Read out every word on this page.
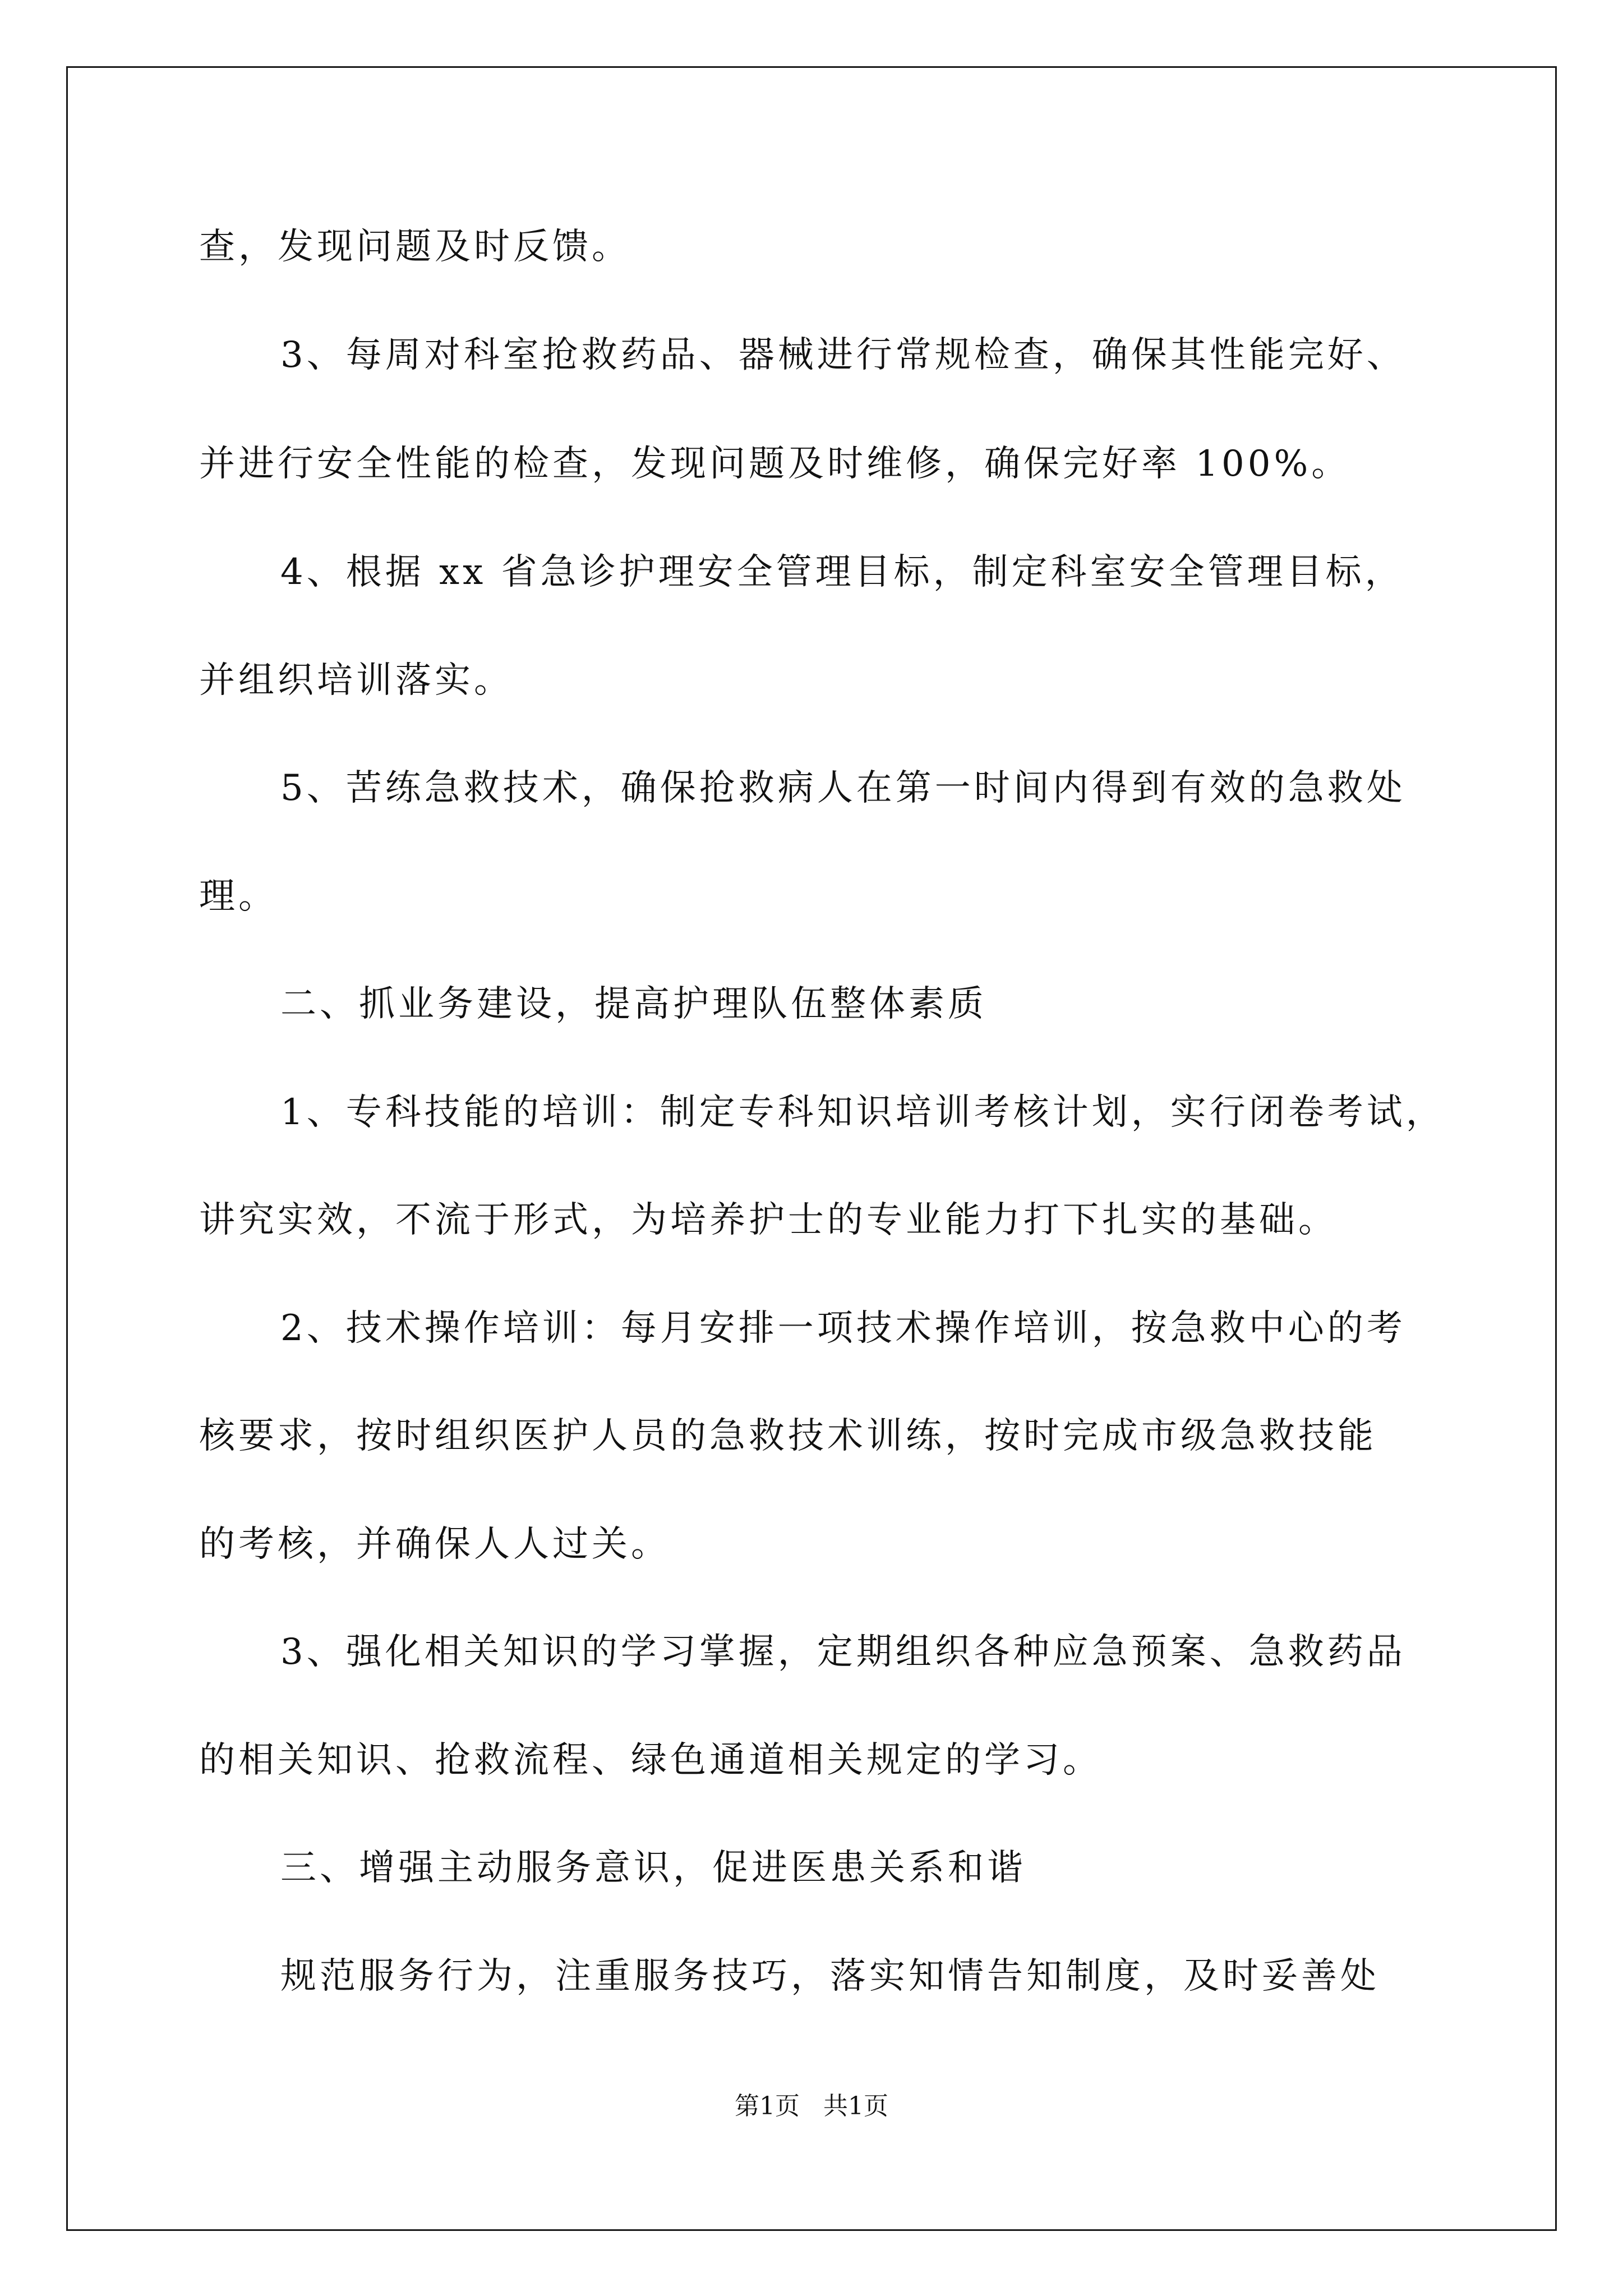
查，发现问题及时反馈。
3、每周对科室抢救药品、器械进行常规检查，确保其性能完好、
并进行安全性能的检查，发现问题及时维修，确保完好率 100%。
4、根据 xx 省急诊护理安全管理目标，制定科室安全管理目标，
并组织培训落实。
5、苦练急救技术，确保抢救病人在第一时间内得到有效的急救处
理。
二、抓业务建设，提高护理队伍整体素质
1、专科技能的培训：制定专科知识培训考核计划，实行闭卷考试，
讲究实效，不流于形式，为培养护士的专业能力打下扎实的基础。
2、技术操作培训：每月安排一项技术操作培训，按急救中心的考
核要求，按时组织医护人员的急救技术训练，按时完成市级急救技能
的考核，并确保人人过关。
3、强化相关知识的学习掌握，定期组织各种应急预案、急救药品
的相关知识、抢救流程、绿色通道相关规定的学习。
三、增强主动服务意识，促进医患关系和谐
规范服务行为，注重服务技巧，落实知情告知制度，及时妥善处
第1页   共1页
